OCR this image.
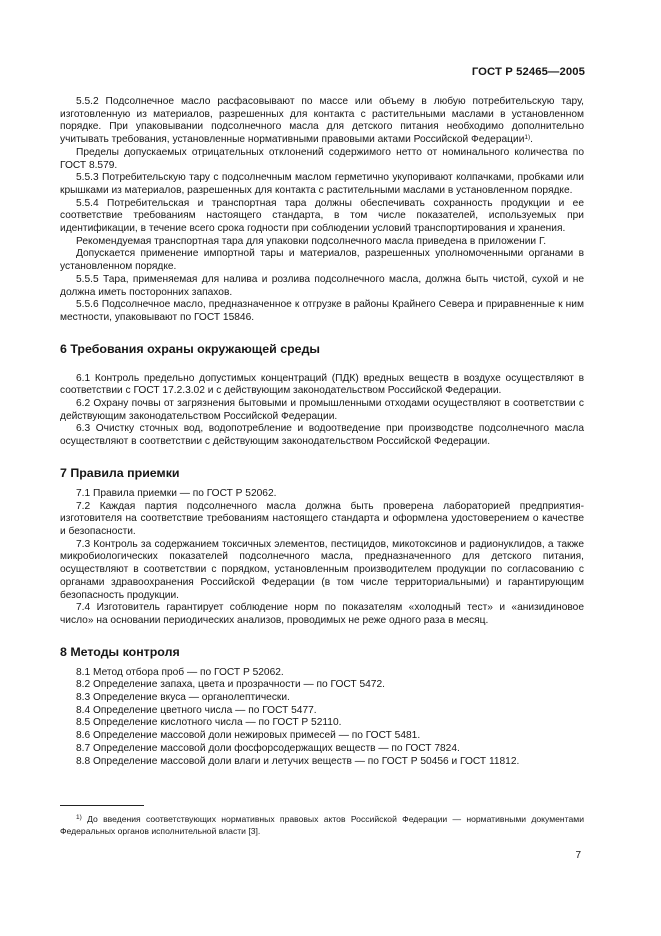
ГОСТ Р 52465—2005

5.5.2 Подсолнечное масло расфасовывают по массе или объему в любую потребительскую тару, изготовленную из материалов, разрешенных для контакта с растительными маслами в установленном порядке. При упаковывании подсолнечного масла для детского питания необходимо дополнительно учитывать требования, установленные нормативными правовыми актами Российской Федерации$^{1)}$.

Пределы допускаемых отрицательных отклонений содержимого нетто от номинального количества по ГОСТ 8.579.

5.5.3 Потребительскую тару с подсолнечным маслом герметично укупоривают колпачками, пробками или крышками из материалов, разрешенных для контакта с растительными маслами в установленном порядке.

5.5.4 Потребительская и транспортная тара должны обеспечивать сохранность продукции и ее соответствие требованиям настоящего стандарта, в том числе показателей, используемых при идентификации, в течение всего срока годности при соблюдении условий транспортирования и хранения.

Рекомендуемая транспортная тара для упаковки подсолнечного масла приведена в приложении Г.

Допускается применение импортной тары и материалов, разрешенных уполномоченными органами в установленном порядке.

5.5.5 Тара, применяемая для налива и розлива подсолнечного масла, должна быть чистой, сухой и не должна иметь посторонних запахов.

5.5.6 Подсолнечное масло, предназначенное к отгрузке в районы Крайнего Севера и приравненные к ним местности, упаковывают по ГОСТ 15846.

6 Требования охраны окружающей среды

6.1 Контроль предельно допустимых концентраций (ПДК) вредных веществ в воздухе осуществляют в соответствии с ГОСТ 17.2.3.02 и с действующим законодательством Российской Федерации.

6.2 Охрану почвы от загрязнения бытовыми и промышленными отходами осуществляют в соответствии с действующим законодательством Российской Федерации.

6.3 Очистку сточных вод, водопотребление и водоотведение при производстве подсолнечного масла осуществляют в соответствии с действующим законодательством Российской Федерации.

7 Правила приемки

7.1 Правила приемки — по ГОСТ Р 52062.

7.2 Каждая партия подсолнечного масла должна быть проверена лабораторией предприятия-изготовителя на соответствие требованиям настоящего стандарта и оформлена удостоверением о качестве и безопасности.

7.3 Контроль за содержанием токсичных элементов, пестицидов, микотоксинов и радионуклидов, а также микробиологических показателей подсолнечного масла, предназначенного для детского питания, осуществляют в соответствии с порядком, установленным производителем продукции по согласованию с органами здравоохранения Российской Федерации (в том числе территориальными) и гарантирующим безопасность продукции.

7.4 Изготовитель гарантирует соблюдение норм по показателям «холодный тест» и «анизидиновое число» на основании периодических анализов, проводимых не реже одного раза в месяц.

8 Методы контроля

8.1 Метод отбора проб — по ГОСТ Р 52062.

8.2 Определение запаха, цвета и прозрачности — по ГОСТ 5472.

8.3 Определение вкуса — органолептически.

8.4 Определение цветного числа — по ГОСТ 5477.

8.5 Определение кислотного числа — по ГОСТ Р 52110.

8.6 Определение массовой доли нежировых примесей — по ГОСТ 5481.

8.7 Определение массовой доли фосфорсодержащих веществ — по ГОСТ 7824.

8.8 Определение массовой доли влаги и летучих веществ — по ГОСТ Р 50456 и ГОСТ 11812.

$^{1)}$ До введения соответствующих нормативных правовых актов Российской Федерации — нормативными документами Федеральных органов исполнительной власти [3].

7
